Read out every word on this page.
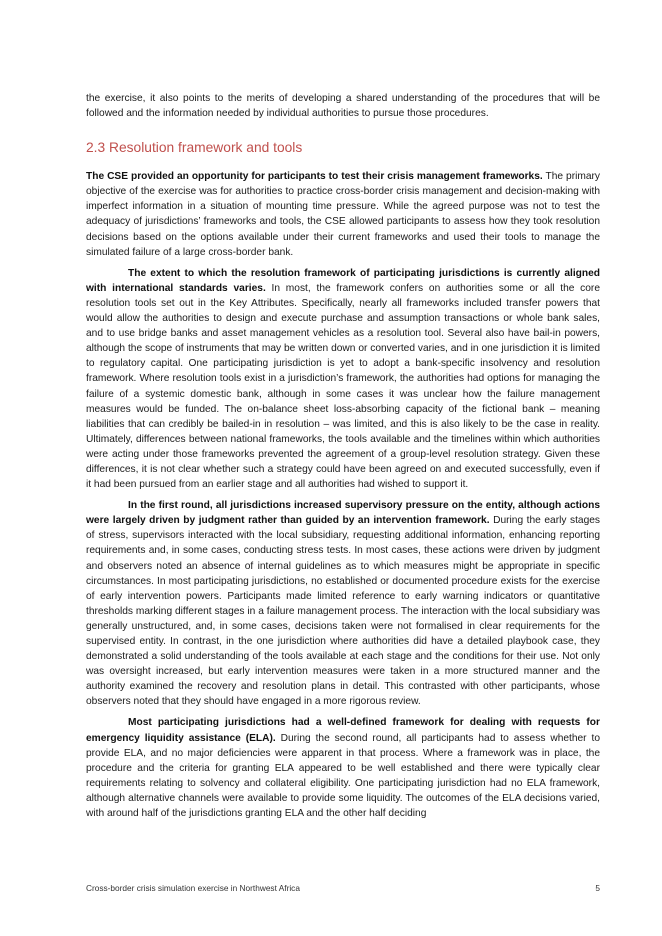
the exercise, it also points to the merits of developing a shared understanding of the procedures that will be followed and the information needed by individual authorities to pursue those procedures.

2.3 Resolution framework and tools

The CSE provided an opportunity for participants to test their crisis management frameworks. The primary objective of the exercise was for authorities to practice cross-border crisis management and decision-making with imperfect information in a situation of mounting time pressure. While the agreed purpose was not to test the adequacy of jurisdictions’ frameworks and tools, the CSE allowed participants to assess how they took resolution decisions based on the options available under their current frameworks and used their tools to manage the simulated failure of a large cross-border bank.

The extent to which the resolution framework of participating jurisdictions is currently aligned with international standards varies. In most, the framework confers on authorities some or all the core resolution tools set out in the Key Attributes. Specifically, nearly all frameworks included transfer powers that would allow the authorities to design and execute purchase and assumption transactions or whole bank sales, and to use bridge banks and asset management vehicles as a resolution tool. Several also have bail-in powers, although the scope of instruments that may be written down or converted varies, and in one jurisdiction it is limited to regulatory capital. One participating jurisdiction is yet to adopt a bank-specific insolvency and resolution framework. Where resolution tools exist in a jurisdiction’s framework, the authorities had options for managing the failure of a systemic domestic bank, although in some cases it was unclear how the failure management measures would be funded. The on-balance sheet loss-absorbing capacity of the fictional bank – meaning liabilities that can credibly be bailed-in in resolution – was limited, and this is also likely to be the case in reality. Ultimately, differences between national frameworks, the tools available and the timelines within which authorities were acting under those frameworks prevented the agreement of a group-level resolution strategy. Given these differences, it is not clear whether such a strategy could have been agreed on and executed successfully, even if it had been pursued from an earlier stage and all authorities had wished to support it.

In the first round, all jurisdictions increased supervisory pressure on the entity, although actions were largely driven by judgment rather than guided by an intervention framework. During the early stages of stress, supervisors interacted with the local subsidiary, requesting additional information, enhancing reporting requirements and, in some cases, conducting stress tests. In most cases, these actions were driven by judgment and observers noted an absence of internal guidelines as to which measures might be appropriate in specific circumstances. In most participating jurisdictions, no established or documented procedure exists for the exercise of early intervention powers. Participants made limited reference to early warning indicators or quantitative thresholds marking different stages in a failure management process. The interaction with the local subsidiary was generally unstructured, and, in some cases, decisions taken were not formalised in clear requirements for the supervised entity. In contrast, in the one jurisdiction where authorities did have a detailed playbook case, they demonstrated a solid understanding of the tools available at each stage and the conditions for their use. Not only was oversight increased, but early intervention measures were taken in a more structured manner and the authority examined the recovery and resolution plans in detail. This contrasted with other participants, whose observers noted that they should have engaged in a more rigorous review.

Most participating jurisdictions had a well-defined framework for dealing with requests for emergency liquidity assistance (ELA). During the second round, all participants had to assess whether to provide ELA, and no major deficiencies were apparent in that process. Where a framework was in place, the procedure and the criteria for granting ELA appeared to be well established and there were typically clear requirements relating to solvency and collateral eligibility. One participating jurisdiction had no ELA framework, although alternative channels were available to provide some liquidity. The outcomes of the ELA decisions varied, with around half of the jurisdictions granting ELA and the other half deciding

Cross-border crisis simulation exercise in Northwest Africa	5
